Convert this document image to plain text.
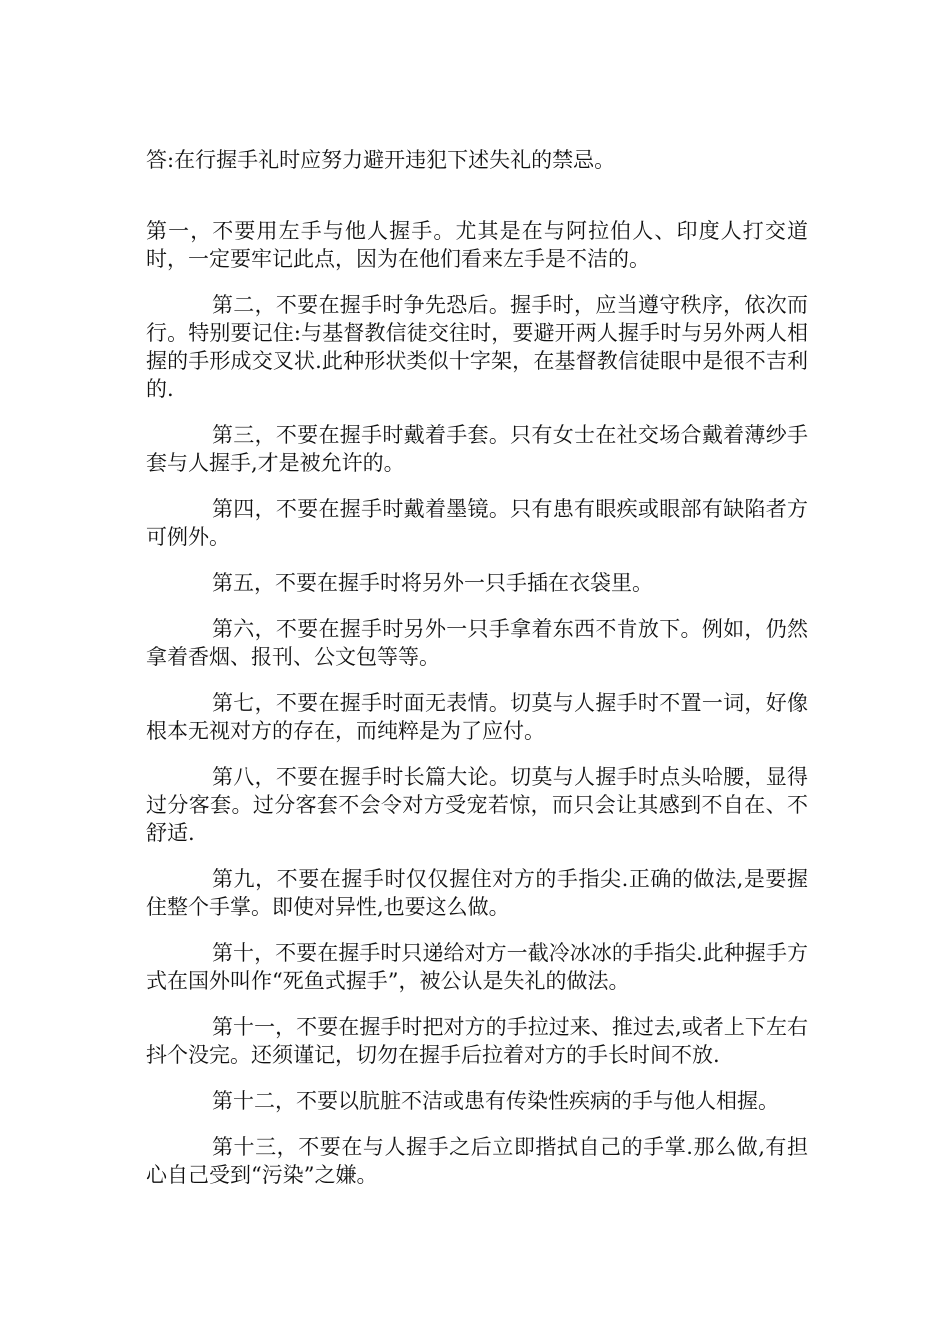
答:在行握手礼时应努力避开违犯下述失礼的禁忌。

第一，不要用左手与他人握手。尤其是在与阿拉伯人、印度人打交道时，一定要牢记此点，因为在他们看来左手是不洁的。

第二，不要在握手时争先恐后。握手时，应当遵守秩序，依次而行。特别要记住:与基督教信徒交往时，要避开两人握手时与另外两人相握的手形成交叉状.此种形状类似十字架，在基督教信徒眼中是很不吉利的.

第三，不要在握手时戴着手套。只有女士在社交场合戴着薄纱手套与人握手,才是被允许的。

第四，不要在握手时戴着墨镜。只有患有眼疾或眼部有缺陷者方可例外。

第五，不要在握手时将另外一只手插在衣袋里。

第六，不要在握手时另外一只手拿着东西不肯放下。例如，仍然拿着香烟、报刊、公文包等等。

第七，不要在握手时面无表情。切莫与人握手时不置一词，好像根本无视对方的存在，而纯粹是为了应付。

第八，不要在握手时长篇大论。切莫与人握手时点头哈腰，显得过分客套。过分客套不会令对方受宠若惊，而只会让其感到不自在、不舒适.

第九，不要在握手时仅仅握住对方的手指尖.正确的做法,是要握住整个手掌。即使对异性,也要这么做。

第十，不要在握手时只递给对方一截冷冰冰的手指尖.此种握手方式在国外叫作“死鱼式握手”，被公认是失礼的做法。

第十一，不要在握手时把对方的手拉过来、推过去,或者上下左右抖个没完。还须谨记，切勿在握手后拉着对方的手长时间不放.

第十二，不要以肮脏不洁或患有传染性疾病的手与他人相握。

第十三，不要在与人握手之后立即揩拭自己的手掌.那么做,有担心自己受到“污染”之嫌。
